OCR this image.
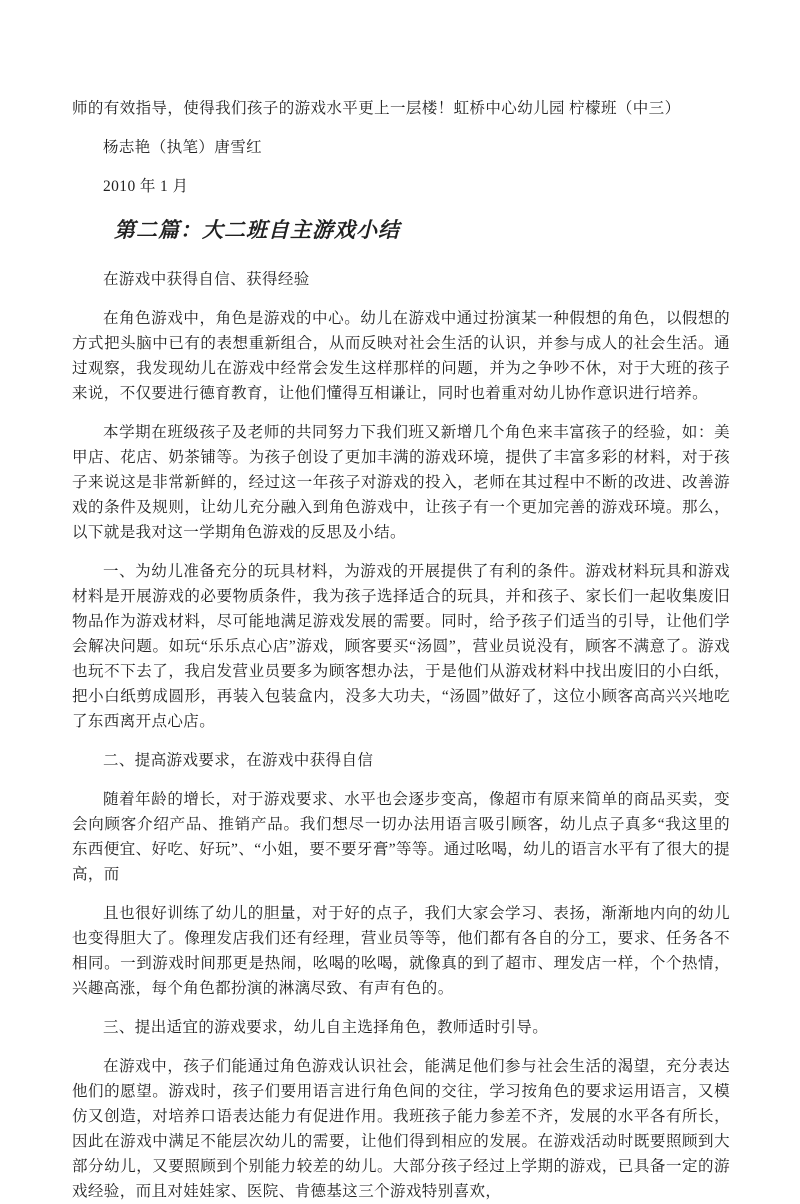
师的有效指导，使得我们孩子的游戏水平更上一层楼！虹桥中心幼儿园 柠檬班（中三）

杨志艳（执笔）唐雪红

2010 年 1 月

第二篇：大二班自主游戏小结

在游戏中获得自信、获得经验

在角色游戏中，角色是游戏的中心。幼儿在游戏中通过扮演某一种假想的角色，以假想的方式把头脑中已有的表想重新组合，从而反映对社会生活的认识，并参与成人的社会生活。通过观察，我发现幼儿在游戏中经常会发生这样那样的问题，并为之争吵不休，对于大班的孩子来说，不仅要进行德育教育，让他们懂得互相谦让，同时也着重对幼儿协作意识进行培养。

本学期在班级孩子及老师的共同努力下我们班又新增几个角色来丰富孩子的经验，如：美甲店、花店、奶茶铺等。为孩子创设了更加丰满的游戏环境，提供了丰富多彩的材料，对于孩子来说这是非常新鲜的，经过这一年孩子对游戏的投入，老师在其过程中不断的改进、改善游戏的条件及规则，让幼儿充分融入到角色游戏中，让孩子有一个更加完善的游戏环境。那么，以下就是我对这一学期角色游戏的反思及小结。

一、为幼儿准备充分的玩具材料，为游戏的开展提供了有利的条件。游戏材料玩具和游戏材料是开展游戏的必要物质条件，我为孩子选择适合的玩具，并和孩子、家长们一起收集废旧物品作为游戏材料，尽可能地满足游戏发展的需要。同时，给予孩子们适当的引导，让他们学会解决问题。如玩“乐乐点心店”游戏，顾客要买“汤圆”，营业员说没有，顾客不满意了。游戏也玩不下去了，我启发营业员要多为顾客想办法，于是他们从游戏材料中找出废旧的小白纸，把小白纸剪成圆形，再装入包装盒内，没多大功夫，“汤圆”做好了，这位小顾客高高兴兴地吃了东西离开点心店。

二、提高游戏要求，在游戏中获得自信

随着年龄的增长，对于游戏要求、水平也会逐步变高，像超市有原来简单的商品买卖，变会向顾客介绍产品、推销产品。我们想尽一切办法用语言吸引顾客，幼儿点子真多“我这里的东西便宜、好吃、好玩”、“小姐，要不要牙膏”等等。通过吆喝，幼儿的语言水平有了很大的提高，而

且也很好训练了幼儿的胆量，对于好的点子，我们大家会学习、表扬，渐渐地内向的幼儿也变得胆大了。像理发店我们还有经理，营业员等等，他们都有各自的分工，要求、任务各不相同。一到游戏时间那更是热闹，吆喝的吆喝，就像真的到了超市、理发店一样，个个热情，兴趣高涨，每个角色都扮演的淋漓尽致、有声有色的。

三、提出适宜的游戏要求，幼儿自主选择角色，教师适时引导。

在游戏中，孩子们能通过角色游戏认识社会，能满足他们参与社会生活的渴望，充分表达他们的愿望。游戏时，孩子们要用语言进行角色间的交往，学习按角色的要求运用语言，又模仿又创造，对培养口语表达能力有促进作用。我班孩子能力参差不齐，发展的水平各有所长，因此在游戏中满足不能层次幼儿的需要，让他们得到相应的发展。在游戏活动时既要照顾到大部分幼儿，又要照顾到个别能力较差的幼儿。大部分孩子经过上学期的游戏，已具备一定的游戏经验，而且对娃娃家、医院、肯德基这三个游戏特别喜欢，
